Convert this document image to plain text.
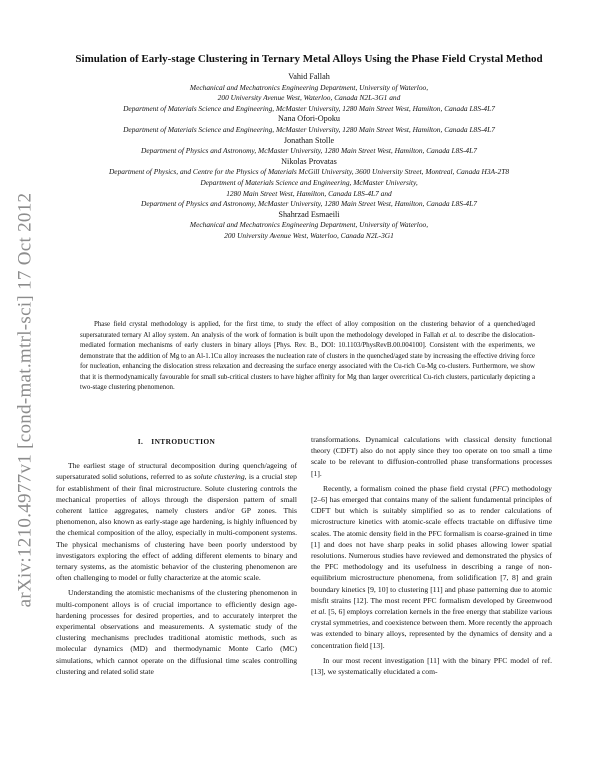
arXiv:1210.4977v1 [cond-mat.mtrl-sci] 17 Oct 2012
Simulation of Early-stage Clustering in Ternary Metal Alloys Using the Phase Field Crystal Method
Vahid Fallah
Mechanical and Mechatronics Engineering Department, University of Waterloo,
200 University Avenue West, Waterloo, Canada N2L-3G1 and
Department of Materials Science and Engineering, McMaster University, 1280 Main Street West, Hamilton, Canada L8S-4L7
Nana Ofori-Opoku
Department of Materials Science and Engineering, McMaster University, 1280 Main Street West, Hamilton, Canada L8S-4L7
Jonathan Stolle
Department of Physics and Astronomy, McMaster University, 1280 Main Street West, Hamilton, Canada L8S-4L7
Nikolas Provatas
Department of Physics, and Centre for the Physics of Materials McGill University, 3600 University Street, Montreal, Canada H3A-2T8
Department of Materials Science and Engineering, McMaster University,
1280 Main Street West, Hamilton, Canada L8S-4L7 and
Department of Physics and Astronomy, McMaster University, 1280 Main Street West, Hamilton, Canada L8S-4L7
Shahrzad Esmaeili
Mechanical and Mechatronics Engineering Department, University of Waterloo,
200 University Avenue West, Waterloo, Canada N2L-3G1

Phase field crystal methodology is applied, for the first time, to study the effect of alloy composition on the clustering behavior of a quenched/aged supersaturated ternary Al alloy system. An analysis of the work of formation is built upon the methodology developed in Fallah et al. to describe the dislocation-mediated formation mechanisms of early clusters in binary alloys [Phys. Rev. B., DOI: 10.1103/PhysRevB.00.004100]. Consistent with the experiments, we demonstrate that the addition of Mg to an Al-1.1Cu alloy increases the nucleation rate of clusters in the quenched/aged state by increasing the effective driving force for nucleation, enhancing the dislocation stress relaxation and decreasing the surface energy associated with the Cu-rich Cu-Mg co-clusters. Furthermore, we show that it is thermodynamically favourable for small sub-critical clusters to have higher affinity for Mg than larger overcritical Cu-rich clusters, particularly depicting a two-stage clustering phenomenon.

I. INTRODUCTION

The earliest stage of structural decomposition during quench/ageing of supersaturated solid solutions, referred to as solute clustering, is a crucial step for establishment of their final microstructure. Solute clustering controls the mechanical properties of alloys through the dispersion pattern of small coherent lattice aggregates, namely clusters and/or GP zones. This phenomenon, also known as early-stage age hardening, is highly influenced by the chemical composition of the alloy, especially in multi-component systems. The physical mechanisms of clustering have been poorly understood by investigators exploring the effect of adding different elements to binary and ternary systems, as the atomistic behavior of the clustering phenomenon are often challenging to model or fully characterize at the atomic scale.

Understanding the atomistic mechanisms of the clustering phenomenon in multi-component alloys is of crucial importance to efficiently design age-hardening processes for desired properties, and to accurately interpret the experimental observations and measurements. A systematic study of the clustering mechanisms precludes traditional atomistic methods, such as molecular dynamics (MD) and thermodynamic Monte Carlo (MC) simulations, which cannot operate on the diffusional time scales controlling clustering and related solid state

transformations. Dynamical calculations with classical density functional theory (CDFT) also do not apply since they too operate on too small a time scale to be relevant to diffusion-controlled phase transformations processes [1].

Recently, a formalism coined the phase field crystal (PFC) methodology [2–6] has emerged that contains many of the salient fundamental principles of CDFT but which is suitably simplified so as to render calculations of microstructure kinetics with atomic-scale effects tractable on diffusive time scales. The atomic density field in the PFC formalism is coarse-grained in time [1] and does not have sharp peaks in solid phases allowing lower spatial resolutions. Numerous studies have reviewed and demonstrated the physics of the PFC methodology and its usefulness in describing a range of non-equilibrium microstructure phenomena, from solidification [7, 8] and grain boundary kinetics [9, 10] to clustering [11] and phase patterning due to atomic misfit strains [12]. The most recent PFC formalism developed by Greenwood et al. [5, 6] employs correlation kernels in the free energy that stabilize various crystal symmetries, and coexistence between them. More recently the approach was extended to binary alloys, represented by the dynamics of density and a concentration field [13].

In our most recent investigation [11] with the binary PFC model of ref. [13], we systematically elucidated a com-
